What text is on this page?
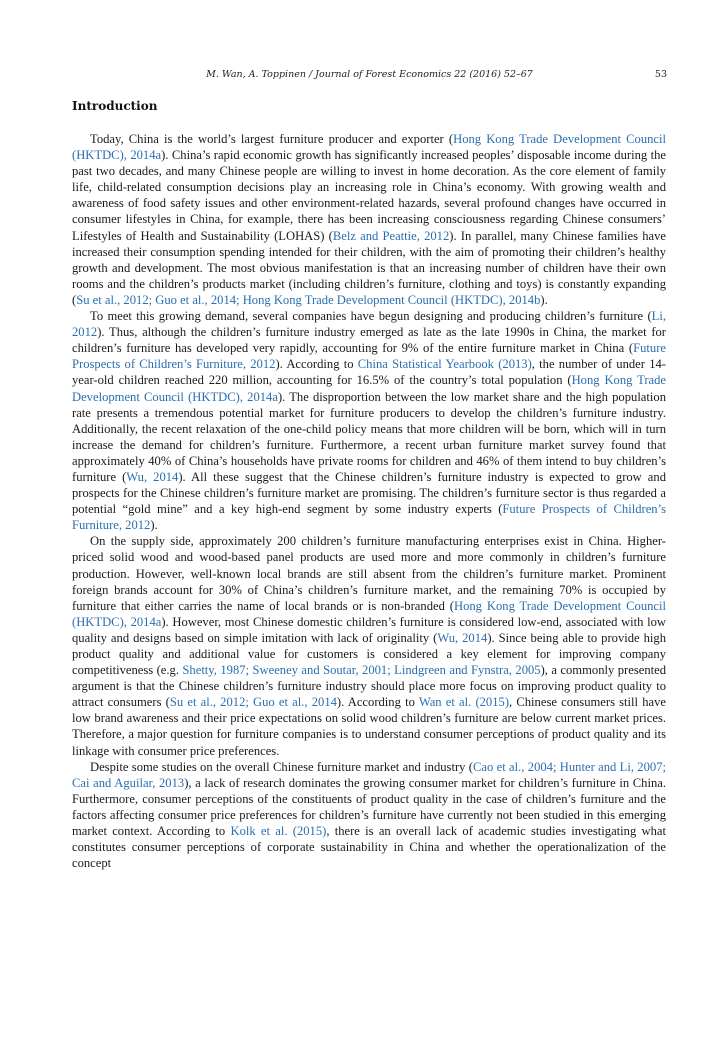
M. Wan, A. Toppinen / Journal of Forest Economics 22 (2016) 52–67	53
Introduction

Today, China is the world’s largest furniture producer and exporter (Hong Kong Trade Development Council (HKTDC), 2014a). China’s rapid economic growth has significantly increased peoples’ disposable income during the past two decades, and many Chinese people are willing to invest in home decoration. As the core element of family life, child-related consumption decisions play an increasing role in China’s economy. With growing wealth and awareness of food safety issues and other environment-related hazards, several profound changes have occurred in consumer lifestyles in China, for example, there has been increasing consciousness regarding Chinese consumers’ Lifestyles of Health and Sustainability (LOHAS) (Belz and Peattie, 2012). In parallel, many Chinese families have increased their consumption spending intended for their children, with the aim of promoting their children’s healthy growth and development. The most obvious manifestation is that an increasing number of children have their own rooms and the children’s products market (including children’s furniture, clothing and toys) is constantly expanding (Su et al., 2012; Guo et al., 2014; Hong Kong Trade Development Council (HKTDC), 2014b).

To meet this growing demand, several companies have begun designing and producing children’s furniture (Li, 2012). Thus, although the children’s furniture industry emerged as late as the late 1990s in China, the market for children’s furniture has developed very rapidly, accounting for 9% of the entire furniture market in China (Future Prospects of Children’s Furniture, 2012). According to China Statistical Yearbook (2013), the number of under 14-year-old children reached 220 million, accounting for 16.5% of the country’s total population (Hong Kong Trade Development Council (HKTDC), 2014a). The disproportion between the low market share and the high population rate presents a tremendous potential market for furniture producers to develop the children’s furniture industry. Additionally, the recent relaxation of the one-child policy means that more children will be born, which will in turn increase the demand for children’s furniture. Furthermore, a recent urban furniture market survey found that approximately 40% of China’s households have private rooms for children and 46% of them intend to buy children’s furniture (Wu, 2014). All these suggest that the Chinese children’s furniture industry is expected to grow and prospects for the Chinese children’s furniture market are promising. The children’s furniture sector is thus regarded a potential “gold mine” and a key high-end segment by some industry experts (Future Prospects of Children’s Furniture, 2012).

On the supply side, approximately 200 children’s furniture manufacturing enterprises exist in China. Higher-priced solid wood and wood-based panel products are used more and more commonly in children’s furniture production. However, well-known local brands are still absent from the children’s furniture market. Prominent foreign brands account for 30% of China’s children’s furniture market, and the remaining 70% is occupied by furniture that either carries the name of local brands or is non-branded (Hong Kong Trade Development Council (HKTDC), 2014a). However, most Chinese domestic children’s furniture is considered low-end, associated with low quality and designs based on simple imitation with lack of originality (Wu, 2014). Since being able to provide high product quality and additional value for customers is considered a key element for improving company competitiveness (e.g. Shetty, 1987; Sweeney and Soutar, 2001; Lindgreen and Fynstra, 2005), a commonly presented argument is that the Chinese children’s furniture industry should place more focus on improving product quality to attract consumers (Su et al., 2012; Guo et al., 2014). According to Wan et al. (2015), Chinese consumers still have low brand awareness and their price expectations on solid wood children’s furniture are below current market prices. Therefore, a major question for furniture companies is to understand consumer perceptions of product quality and its linkage with consumer price preferences.

Despite some studies on the overall Chinese furniture market and industry (Cao et al., 2004; Hunter and Li, 2007; Cai and Aguilar, 2013), a lack of research dominates the growing consumer market for children’s furniture in China. Furthermore, consumer perceptions of the constituents of product quality in the case of children’s furniture and the factors affecting consumer price preferences for children’s furniture have currently not been studied in this emerging market context. According to Kolk et al. (2015), there is an overall lack of academic studies investigating what constitutes consumer perceptions of corporate sustainability in China and whether the operationalization of the concept
